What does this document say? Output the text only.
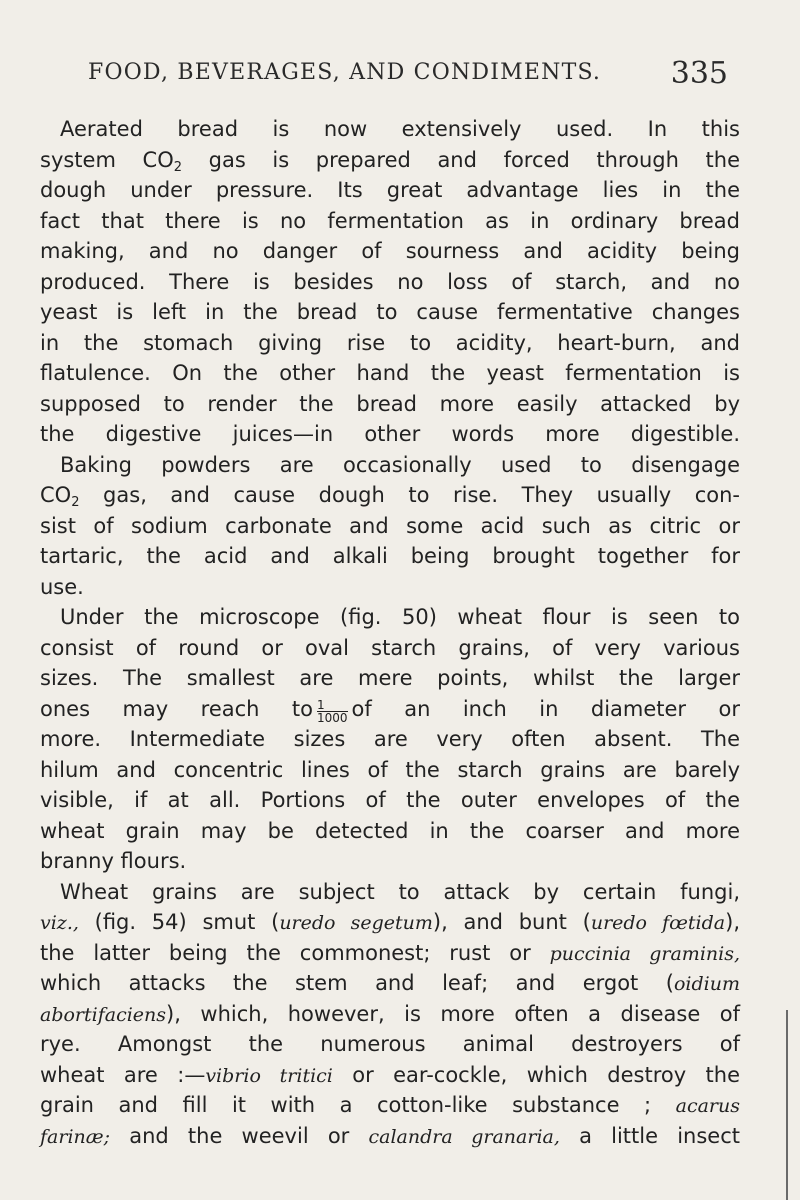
FOOD, BEVERAGES, AND CONDIMENTS. 335
Aerated bread is now extensively used. In this
system $CO_2$ gas is prepared and forced through the
dough under pressure. Its great advantage lies in the
fact that there is no fermentation as in ordinary bread
making, and no danger of sourness and acidity being
produced. There is besides no loss of starch, and no
yeast is left in the bread to cause fermentative changes
in the stomach giving rise to acidity, heart-burn, and
flatulence. On the other hand the yeast fermentation is
supposed to render the bread more easily attacked by
the digestive juices—in other words more digestible.
Baking powders are occasionally used to disengage
$CO_2$ gas, and cause dough to rise. They usually con-
sist of sodium carbonate and some acid such as citric or
tartaric, the acid and alkali being brought together for
use.
Under the microscope (fig. 50) wheat flour is seen to
consist of round or oval starch grains, of very various
sizes. The smallest are mere points, whilst the larger
ones may reach to $\frac{1}{1000}$ of an inch in diameter or
more. Intermediate sizes are very often absent. The
hilum and concentric lines of the starch grains are barely
visible, if at all. Portions of the outer envelopes of the
wheat grain may be detected in the coarser and more
branny flours.
Wheat grains are subject to attack by certain fungi,
viz., (fig. 54) smut (uredo segetum), and bunt (uredo fœtida),
the latter being the commonest; rust or puccinia graminis,
which attacks the stem and leaf; and ergot (oidium
abortifaciens), which, however, is more often a disease of
rye. Amongst the numerous animal destroyers of
wheat are :—vibrio tritici or ear-cockle, which destroy the
grain and fill it with a cotton-like substance ; acarus
farinæ; and the weevil or calandra granaria, a little insect
